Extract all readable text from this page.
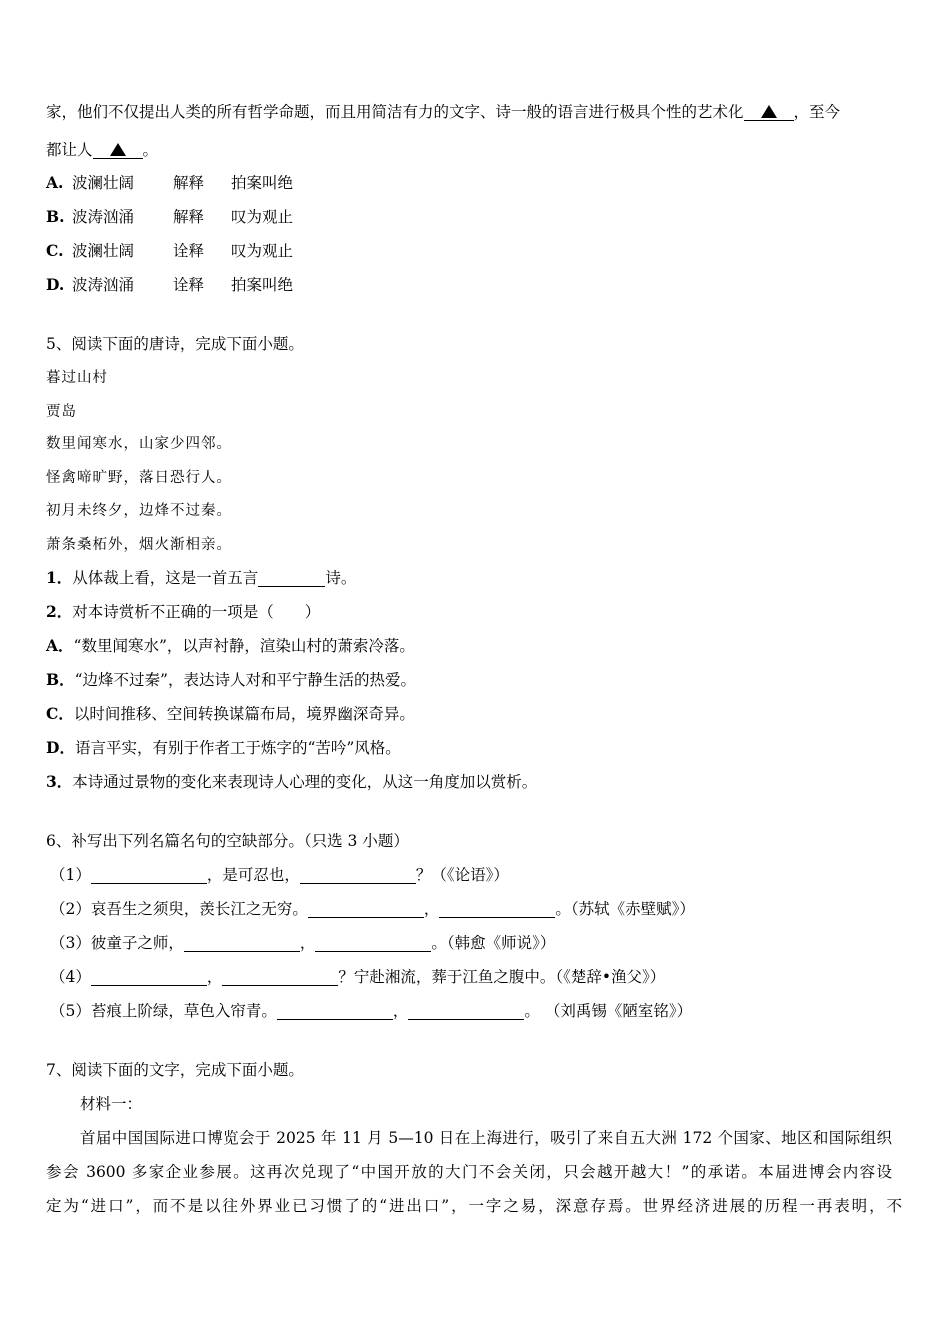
家，他们不仅提出人类的所有哲学命题，而且用简洁有力的文字、诗一般的语言进行极具个性的艺术化	，至今
都让人	。
A. 波澜壮阔	解释 拍案叫绝
B. 波涛汹涌	解释 叹为观止
C. 波澜壮阔	诠释 叹为观止
D. 波涛汹涌	诠释 拍案叫绝
5、阅读下面的唐诗，完成下面小题。
暮过山村
贾岛
数里闻寒水，山家少四邻。
怪禽啼旷野，落日恐行人。
初月未终夕，边烽不过秦。
萧条桑柘外，烟火渐相亲。
1．从体裁上看，这是一首五言	诗。
2．对本诗赏析不正确的一项是（　　）
A．“数里闻寒水”，以声衬静，渲染山村的萧索冷落。
B．“边烽不过秦”，表达诗人对和平宁静生活的热爱。
C．以时间推移、空间转换谋篇布局，境界幽深奇异。
D．语言平实，有别于作者工于炼字的“苦吟”风格。
3．本诗通过景物的变化来表现诗人心理的变化，从这一角度加以赏析。
6、补写出下列名篇名句的空缺部分。（只选 3 小题）
（1）	，是可忍也，	？（《论语》）
（2）哀吾生之须臾，羡长江之无穷。	，	。（苏轼《赤壁赋》）
（3）彼童子之师，	，	。（韩愈《师说》）
（4）	，	？宁赴湘流，葬于江鱼之腹中。（《楚辞•渔父》）
（5）苔痕上阶绿，草色入帘青。	，	。 （刘禹锡《陋室铭》）
7、阅读下面的文字，完成下面小题。
材料一：
首届中国国际进口博览会于 2025 年 11 月 5—10 日在上海进行，吸引了来自五大洲 172 个国家、地区和国际组织
参会 3600 多家企业参展。这再次兑现了“中国开放的大门不会关闭，只会越开越大！”的承诺。本届进博会内容设
定为“进口”，而不是以往外界业已习惯了的“进出口”，一字之易，深意存焉。世界经济进展的历程一再表明，不
